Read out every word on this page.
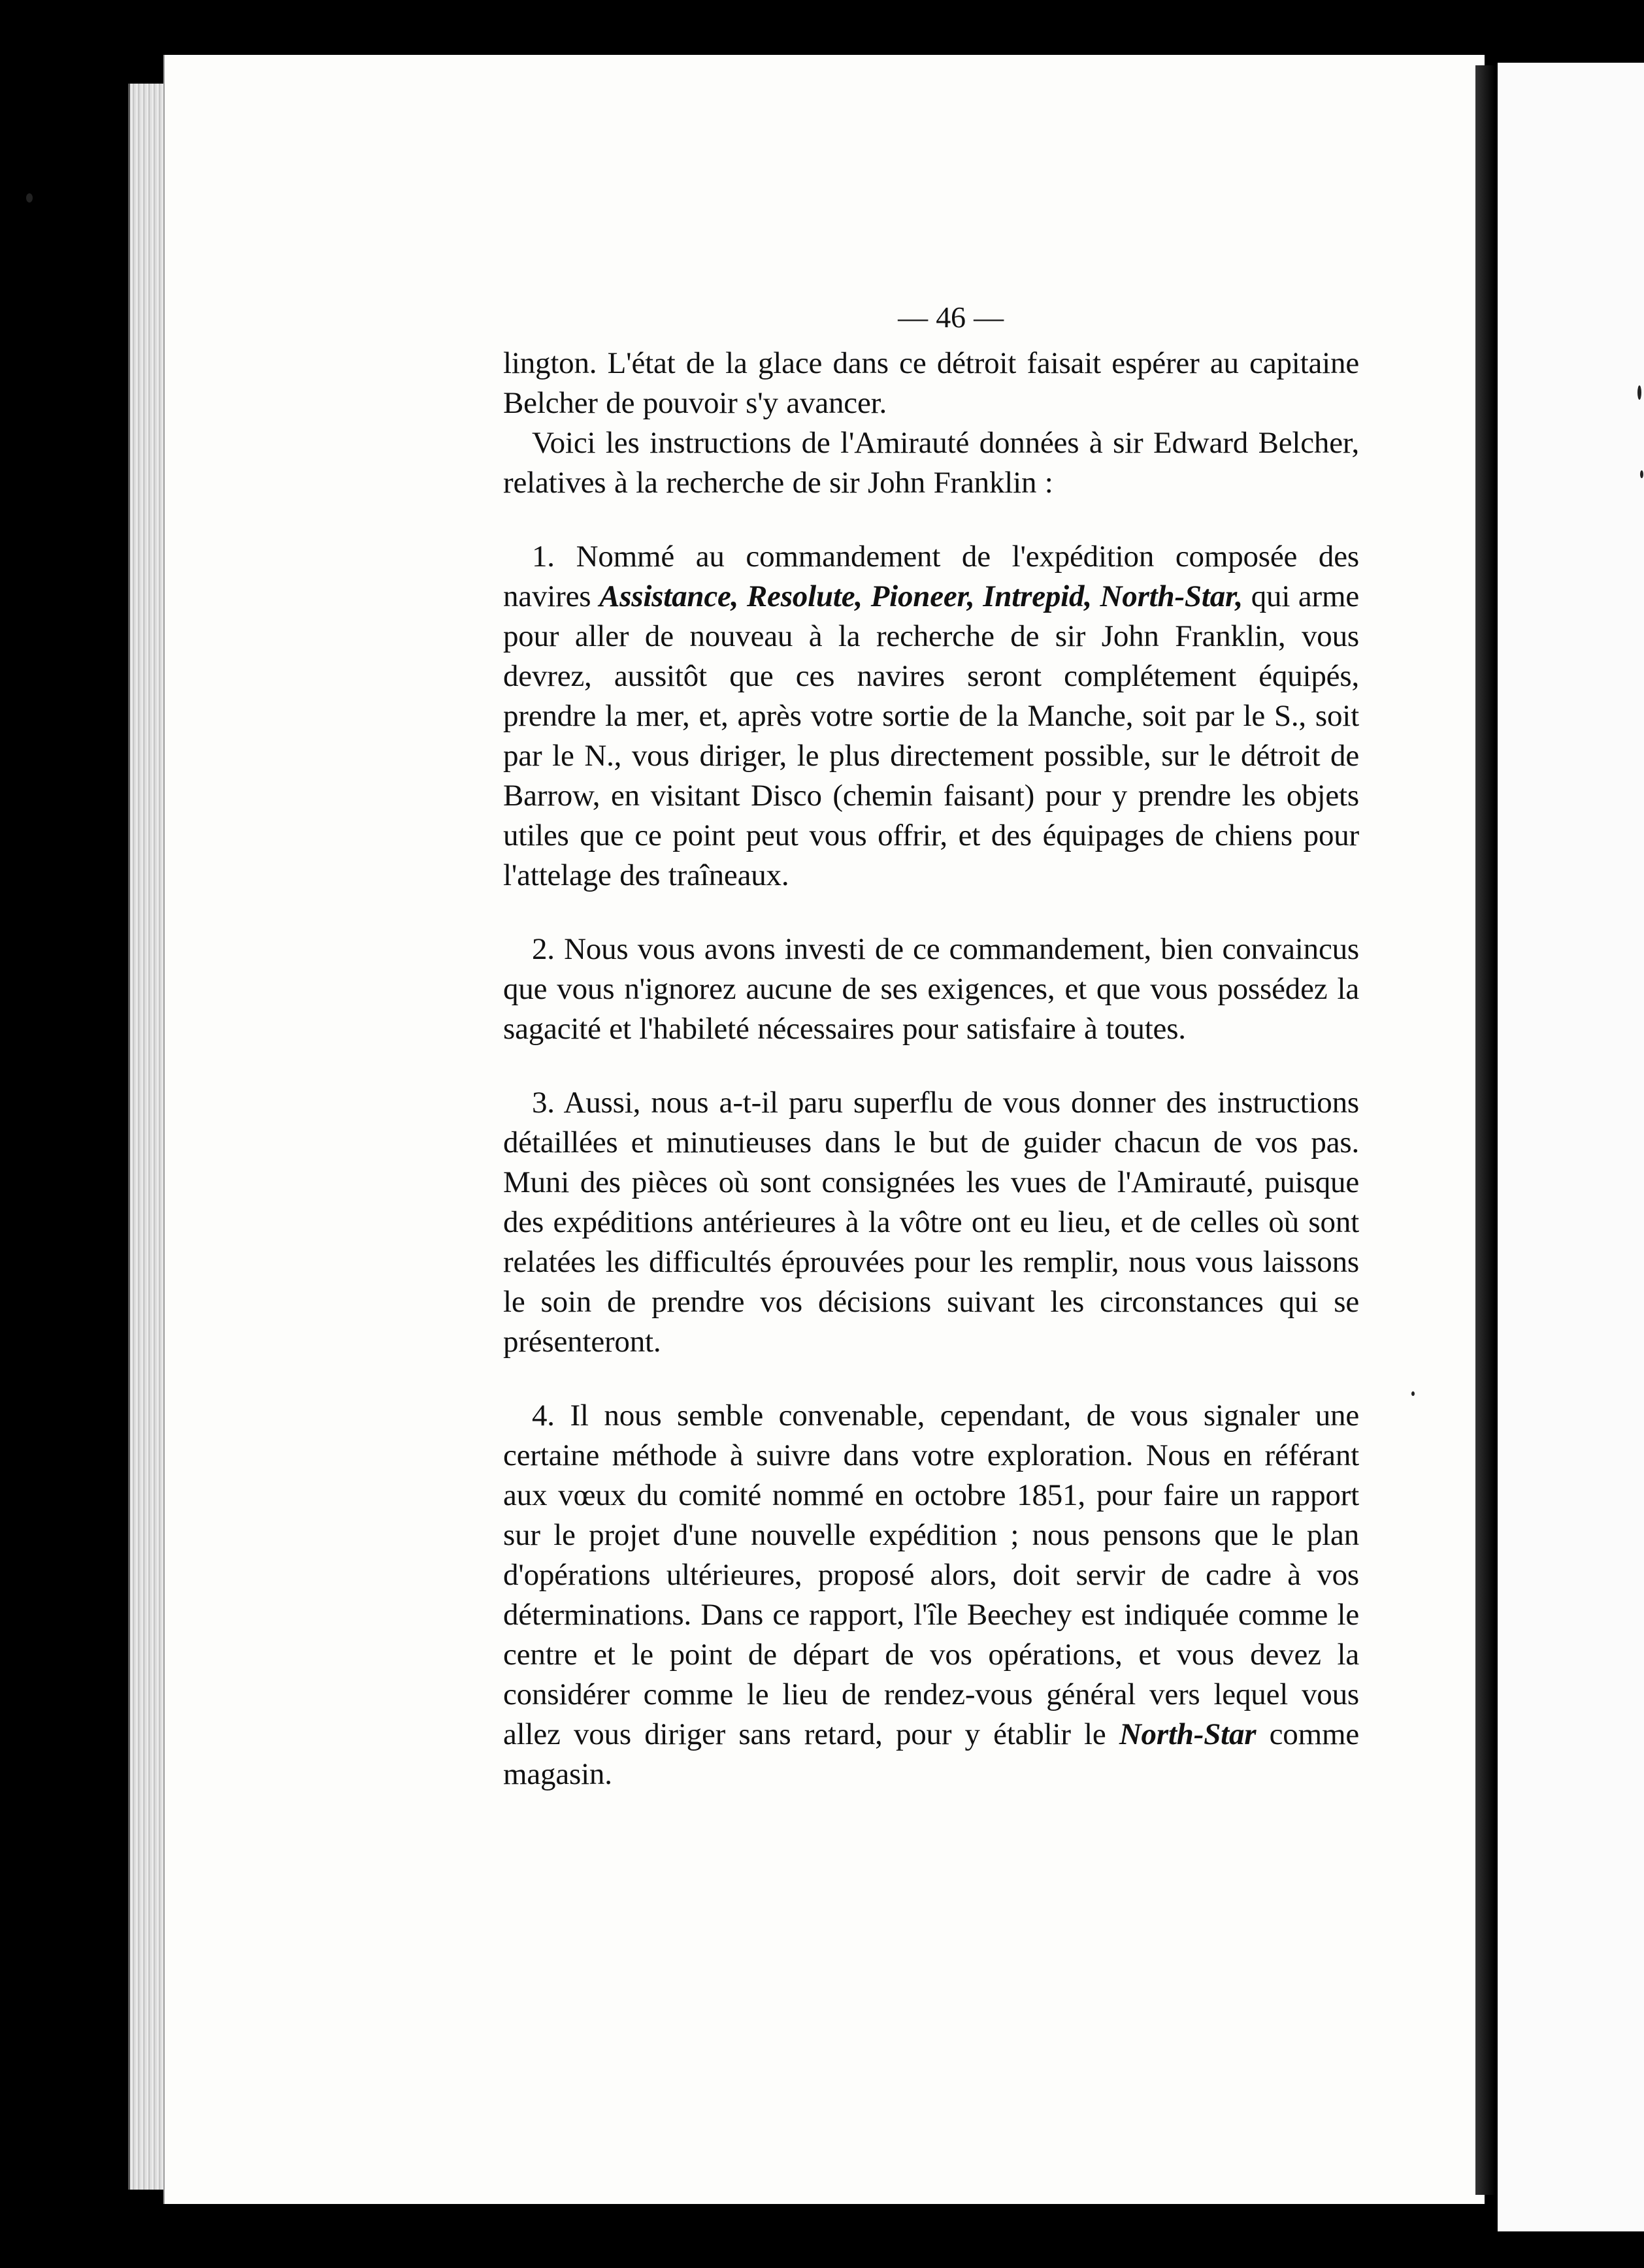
— 46 —

lington. L'état de la glace dans ce détroit faisait espérer au capitaine Belcher de pouvoir s'y avancer.

Voici les instructions de l'Amirauté données à sir Edward Belcher, relatives à la recherche de sir John Franklin :

1. Nommé au commandement de l'expédition composée des navires Assistance, Resolute, Pioneer, Intrepid, North-Star, qui arme pour aller de nouveau à la recherche de sir John Franklin, vous devrez, aussitôt que ces navires seront complétement équipés, prendre la mer, et, après votre sortie de la Manche, soit par le S., soit par le N., vous diriger, le plus directement possible, sur le détroit de Barrow, en visitant Disco (chemin faisant) pour y prendre les objets utiles que ce point peut vous offrir, et des équipages de chiens pour l'attelage des traîneaux.

2. Nous vous avons investi de ce commandement, bien convaincus que vous n'ignorez aucune de ses exigences, et que vous possédez la sagacité et l'habileté nécessaires pour satisfaire à toutes.

3. Aussi, nous a-t-il paru superflu de vous donner des instructions détaillées et minutieuses dans le but de guider chacun de vos pas. Muni des pièces où sont consignées les vues de l'Amirauté, puisque des expéditions antérieures à la vôtre ont eu lieu, et de celles où sont relatées les difficultés éprouvées pour les remplir, nous vous laissons le soin de prendre vos décisions suivant les circonstances qui se présenteront.

4. Il nous semble convenable, cependant, de vous signaler une certaine méthode à suivre dans votre exploration. Nous en référant aux vœux du comité nommé en octobre 1851, pour faire un rapport sur le projet d'une nouvelle expédition ; nous pensons que le plan d'opérations ultérieures, proposé alors, doit servir de cadre à vos déterminations. Dans ce rapport, l'île Beechey est indiquée comme le centre et le point de départ de vos opérations, et vous devez la considérer comme le lieu de rendez-vous général vers lequel vous allez vous diriger sans retard, pour y établir le North-Star comme magasin.
